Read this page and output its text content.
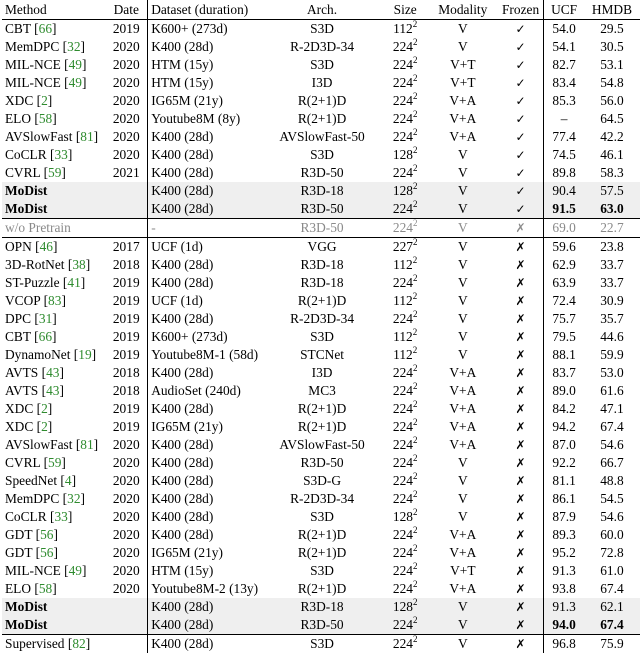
Method	Date	Dataset (duration)	Arch.	Size	Modality	Frozen	UCF	HMDB
CBT [66]	2019	K600+ (273d)	S3D	$112^2$	V	✓	54.0	29.5
MemDPC [32]	2020	K400 (28d)	R-2D3D-34	$224^2$	V	✓	54.1	30.5
MIL-NCE [49]	2020	HTM (15y)	S3D	$224^2$	V+T	✓	82.7	53.1
MIL-NCE [49]	2020	HTM (15y)	I3D	$224^2$	V+T	✓	83.4	54.8
XDC [2]	2020	IG65M (21y)	R(2+1)D	$224^2$	V+A	✓	85.3	56.0
ELO [58]	2020	Youtube8M (8y)	R(2+1)D	$224^2$	V+A	✓	–	64.5
AVSlowFast [81]	2020	K400 (28d)	AVSlowFast-50	$224^2$	V+A	✓	77.4	42.2
CoCLR [33]	2020	K400 (28d)	S3D	$128^2$	V	✓	74.5	46.1
CVRL [59]	2021	K400 (28d)	R3D-50	$224^2$	V	✓	89.8	58.3
MoDist		K400 (28d)	R3D-18	$128^2$	V	✓	90.4	57.5
MoDist		K400 (28d)	R3D-50	$224^2$	V	✓	91.5	63.0
w/o Pretrain		-	R3D-50	$224^2$	V	✗	69.0	22.7
OPN [46]	2017	UCF (1d)	VGG	$227^2$	V	✗	59.6	23.8
3D-RotNet [38]	2018	K400 (28d)	R3D-18	$112^2$	V	✗	62.9	33.7
ST-Puzzle [41]	2019	K400 (28d)	R3D-18	$224^2$	V	✗	63.9	33.7
VCOP [83]	2019	UCF (1d)	R(2+1)D	$112^2$	V	✗	72.4	30.9
DPC [31]	2019	K400 (28d)	R-2D3D-34	$224^2$	V	✗	75.7	35.7
CBT [66]	2019	K600+ (273d)	S3D	$112^2$	V	✗	79.5	44.6
DynamoNet [19]	2019	Youtube8M-1 (58d)	STCNet	$112^2$	V	✗	88.1	59.9
AVTS [43]	2018	K400 (28d)	I3D	$224^2$	V+A	✗	83.7	53.0
AVTS [43]	2018	AudioSet (240d)	MC3	$224^2$	V+A	✗	89.0	61.6
XDC [2]	2019	K400 (28d)	R(2+1)D	$224^2$	V+A	✗	84.2	47.1
XDC [2]	2019	IG65M (21y)	R(2+1)D	$224^2$	V+A	✗	94.2	67.4
AVSlowFast [81]	2020	K400 (28d)	AVSlowFast-50	$224^2$	V+A	✗	87.0	54.6
CVRL [59]	2020	K400 (28d)	R3D-50	$224^2$	V	✗	92.2	66.7
SpeedNet [4]	2020	K400 (28d)	S3D-G	$224^2$	V	✗	81.1	48.8
MemDPC [32]	2020	K400 (28d)	R-2D3D-34	$224^2$	V	✗	86.1	54.5
CoCLR [33]	2020	K400 (28d)	S3D	$128^2$	V	✗	87.9	54.6
GDT [56]	2020	K400 (28d)	R(2+1)D	$224^2$	V+A	✗	89.3	60.0
GDT [56]	2020	IG65M (21y)	R(2+1)D	$224^2$	V+A	✗	95.2	72.8
MIL-NCE [49]	2020	HTM (15y)	S3D	$224^2$	V+T	✗	91.3	61.0
ELO [58]	2020	Youtube8M-2 (13y)	R(2+1)D	$224^2$	V+A	✗	93.8	67.4
MoDist		K400 (28d)	R3D-18	$128^2$	V	✗	91.3	62.1
MoDist		K400 (28d)	R3D-50	$224^2$	V	✗	94.0	67.4
Supervised [82]		K400 (28d)	S3D	$224^2$	V	✗	96.8	75.9
